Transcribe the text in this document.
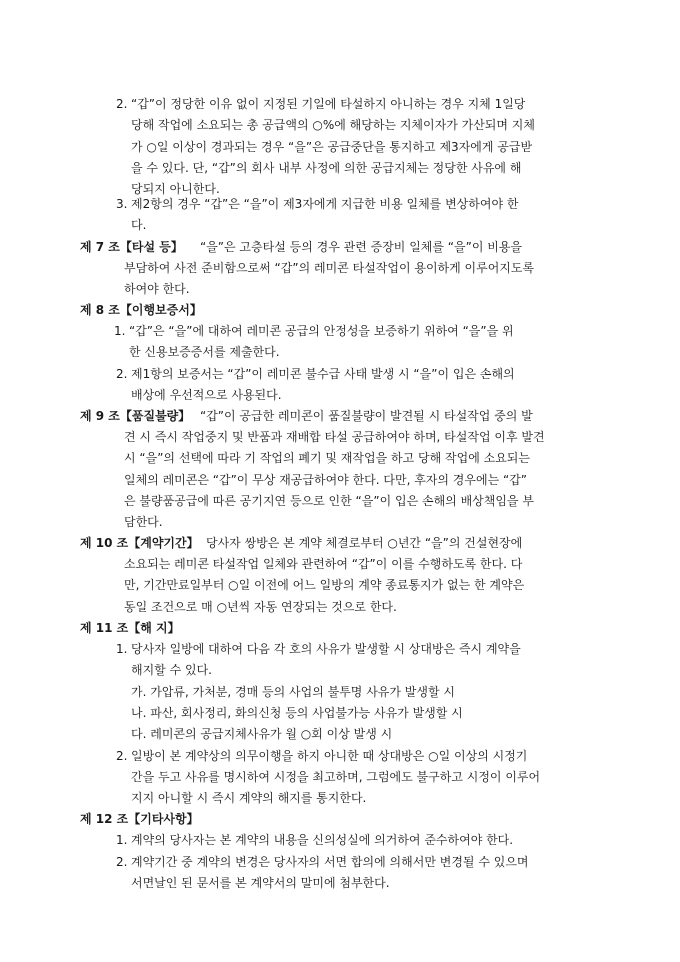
2. “갑”이 정당한 이유 없이 지정된 기일에 타설하지 아니하는 경우 지체 1일당
당해 작업에 소요되는 총 공급액의 ○%에 해당하는 지체이자가 가산되며 지체
가 ○일 이상이 경과되는 경우 “을”은 공급중단을 통지하고 제3자에게 공급받
을 수 있다. 단, “갑”의 회사 내부 사정에 의한 공급지체는 정당한 사유에 해
당되지 아니한다.
3. 제2항의 경우 “갑”은 “을”이 제3자에게 지급한 비용 일체를 변상하여야 한
다.
제 7 조【타설 등】 “을”은 고층타설 등의 경우 관련 증장비 일체를 “을”이 비용을
부담하여 사전 준비함으로써 “갑”의 레미콘 타설작업이 용이하게 이루어지도록
하여야 한다.
제 8 조【이행보증서】
1. “갑”은 “을”에 대하여 레미콘 공급의 안정성을 보증하기 위하여 “을”을 위
한 신용보증증서를 제출한다.
2. 제1항의 보증서는 “갑”이 레미콘 불수급 사태 발생 시 “을”이 입은 손해의
배상에 우선적으로 사용된다.
제 9 조【품질불량】 “갑”이 공급한 레미콘이 품질불량이 발견될 시 타설작업 중의 발
견 시 즉시 작업중지 및 반품과 재배합 타설 공급하여야 하며, 타설작업 이후 발견
시 “을”의 선택에 따라 기 작업의 폐기 및 재작업을 하고 당해 작업에 소요되는
일체의 레미콘은 “갑”이 무상 재공급하여야 한다. 다만, 후자의 경우에는 “갑”
은 불량품공급에 따른 공기지연 등으로 인한 “을”이 입은 손해의 배상책임을 부
담한다.
제 10 조【계약기간】 당사자 쌍방은 본 계약 체결로부터 ○년간 “을”의 건설현장에
소요되는 레미콘 타설작업 일체와 관련하여 “갑”이 이를 수행하도록 한다. 다
만, 기간만료일부터 ○일 이전에 어느 일방의 계약 종료통지가 없는 한 계약은
동일 조건으로 매 ○년씩 자동 연장되는 것으로 한다.
제 11 조【해 지】
1. 당사자 일방에 대하여 다음 각 호의 사유가 발생할 시 상대방은 즉시 계약을
해지할 수 있다.
가. 가압류, 가처분, 경매 등의 사업의 불투명 사유가 발생할 시
나. 파산, 회사정리, 화의신청 등의 사업불가능 사유가 발생할 시
다. 레미콘의 공급지체사유가 월 ○회 이상 발생 시
2. 일방이 본 계약상의 의무이행을 하지 아니한 때 상대방은 ○일 이상의 시정기
간을 두고 사유를 명시하여 시정을 최고하며, 그럼에도 불구하고 시정이 이루어
지지 아니할 시 즉시 계약의 해지를 통지한다.
제 12 조【기타사항】
1. 계약의 당사자는 본 계약의 내용을 신의성실에 의거하여 준수하여야 한다.
2. 계약기간 중 계약의 변경은 당사자의 서면 합의에 의해서만 변경될 수 있으며
서면날인 된 문서를 본 계약서의 말미에 첨부한다.
